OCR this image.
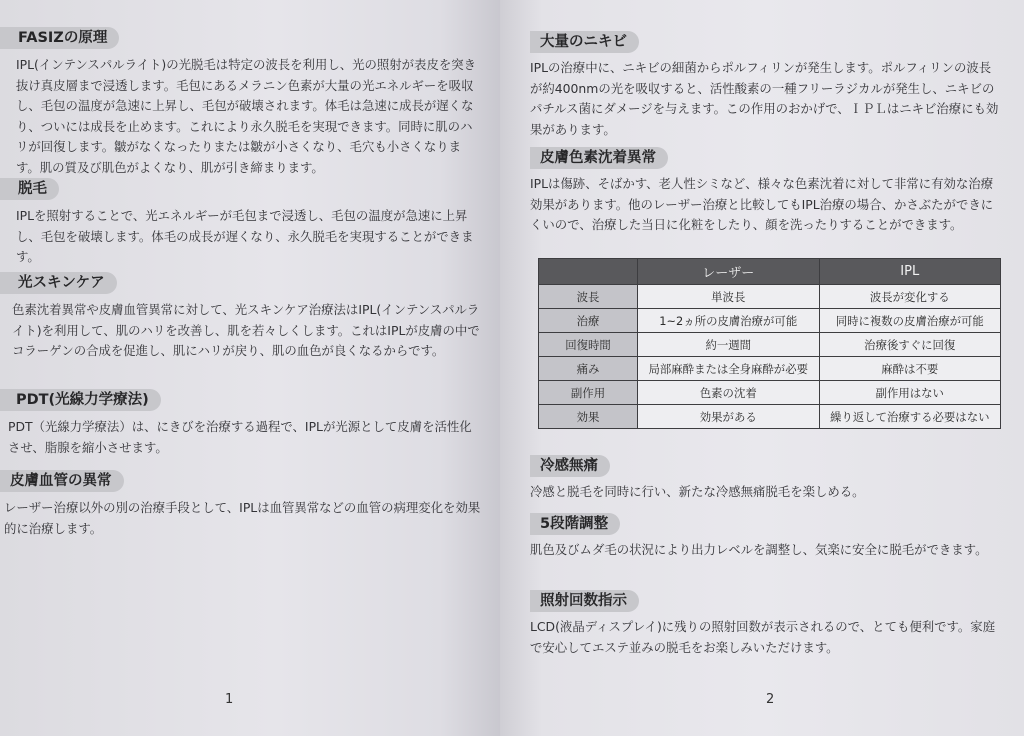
FASIZの原理
IPL(インテンスパルライト)の光脱毛は特定の波長を利用し、光の照射が表皮を突き抜け真皮層まで浸透します。毛包にあるメラニン色素が大量の光エネルギーを吸収し、毛包の温度が急速に上昇し、毛包が破壊されます。体毛は急速に成長が遅くなり、ついには成長を止めます。これにより永久脱毛を実現できます。同時に肌のハリが回復します。皺がなくなったりまたは皺が小さくなり、毛穴も小さくなります。肌の質及び肌色がよくなり、肌が引き締まります。
脱毛
IPLを照射することで、光エネルギーが毛包まで浸透し、毛包の温度が急速に上昇し、毛包を破壊します。体毛の成長が遅くなり、永久脱毛を実現することができます。
光スキンケア
色素沈着異常や皮膚血管異常に対して、光スキンケア治療法はIPL(インテンスパルライト)を利用して、肌のハリを改善し、肌を若々しくします。これはIPLが皮膚の中でコラーゲンの合成を促進し、肌にハリが戻り、肌の血色が良くなるからです。
PDT(光線力学療法)
PDT（光線力学療法）は、にきびを治療する過程で、IPLが光源として皮膚を活性化させ、脂腺を縮小させます。
皮膚血管の異常
レーザー治療以外の別の治療手段として、IPLは血管異常などの血管の病理変化を効果的に治療します。
1
大量のニキビ
IPLの治療中に、ニキビの細菌からポルフィリンが発生します。ポルフィリンの波長が約400nmの光を吸収すると、活性酸素の一種フリーラジカルが発生し、ニキビのパチルス菌にダメージを与えます。この作用のおかげで、ＩＰＬはニキビ治療にも効果があります。
皮膚色素沈着異常
IPLは傷跡、そばかす、老人性シミなど、様々な色素沈着に対して非常に有効な治療効果があります。他のレーザー治療と比較してもIPL治療の場合、かさぶたができにくいので、治療した当日に化粧をしたり、顔を洗ったりすることができます。
	レーザー	IPL
波長	単波長	波長が変化する
治療	1~2ヵ所の皮膚治療が可能	同時に複数の皮膚治療が可能
回復時間	約一週間	治療後すぐに回復
痛み	局部麻酔または全身麻酔が必要	麻酔は不要
副作用	色素の沈着	副作用はない
効果	効果がある	繰り返して治療する必要はない
冷感無痛
冷感と脱毛を同時に行い、新たな冷感無痛脱毛を楽しめる。
5段階調整
肌色及びムダ毛の状況により出力レベルを調整し、気楽に安全に脱毛ができます。
照射回数指示
LCD(液晶ディスプレイ)に残りの照射回数が表示されるので、とても便利です。家庭で安心してエステ並みの脱毛をお楽しみいただけます。
2
